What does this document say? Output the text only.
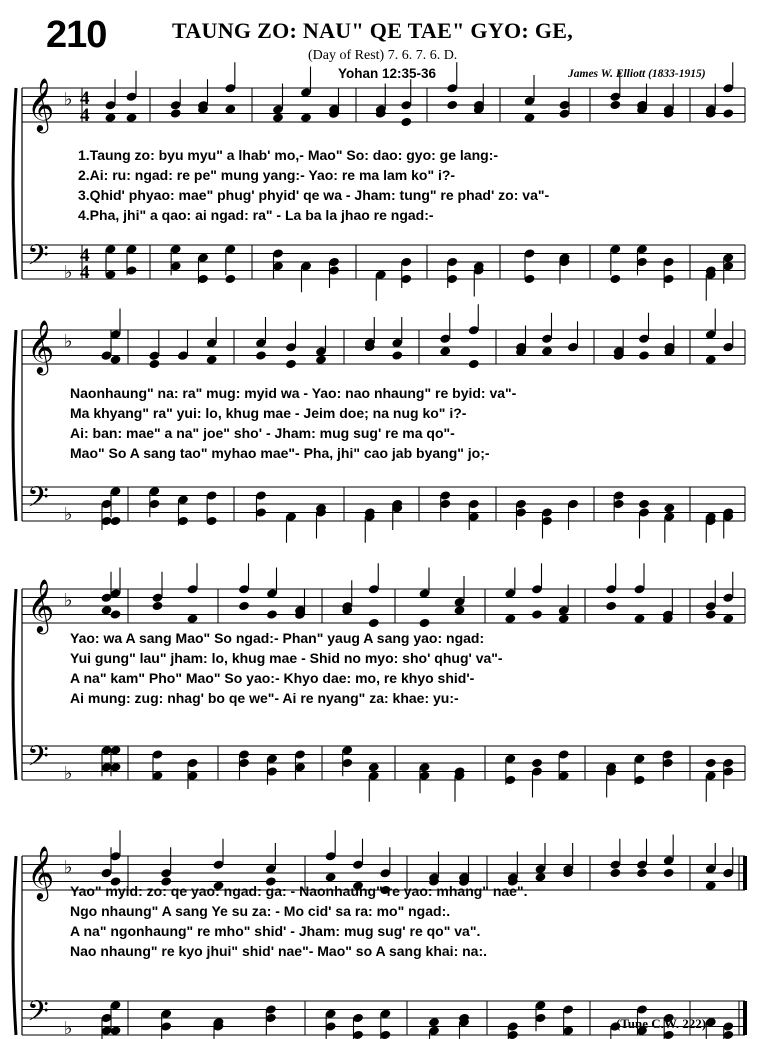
210	TAUNG ZO: NAU" QE TAE" GYO: GE,
(Day of Rest) 7. 6. 7. 6. D.
Yohan 12:35-36	James W. Elliott (1833-1915)
𝄞 ♭ 4
4
𝄢 ♭
4
4
𝄞 ♭
𝄢 ♭
𝄞 ♭
𝄢 ♭
𝄞 ♭
𝄢 ♭
1.Taung zo: byu myu" a lhab' mo,- Mao" So: dao: gyo: ge lang:-
2.Ai: ru: ngad: re pe" mung yang:- Yao: re ma lam ko" i?-
3.Qhid' phyao: mae" phug' phyid' qe wa - Jham: tung" re phad' zo: va"-
4.Pha, jhi" a qao: ai ngad: ra" - La ba la jhao re ngad:-
Naonhaung" na: ra" mug: myid wa - Yao: nao nhaung" re byid: va"-
Ma khyang" ra" yui: lo, khug mae - Jeim doe; na nug ko" i?-
Ai: ban: mae" a na" joe" sho' - Jham: mug sug' re ma qo"-
Mao" So A sang tao" myhao mae"- Pha, jhi" cao jab byang" jo;-
Yao: wa A sang Mao" So ngad:- Phan" yaug A sang yao: ngad:
Yui gung" lau" jham: lo, khug mae - Shid no myo: sho' qhug' va"-
A na" kam" Pho" Mao" So yao:- Khyo dae: mo, re khyo shid'-
Ai mung: zug: nhag' bo qe we"- Ai re nyang" za: khae: yu:-
Yao" myid: zo: qe yao: ngad: ga: - Naonhaung" re yao: mhang" nae".
Ngo nhaung" A sang Ye su za: - Mo cid' sa ra: mo" ngad:.
A na" ngonhaung" re mho" shid' - Jham: mug sug' re qo" va".
Nao nhaung" re kyo jhui" shid' nae"- Mao" so A sang khai: na:.
(Tune C.W. 222)
